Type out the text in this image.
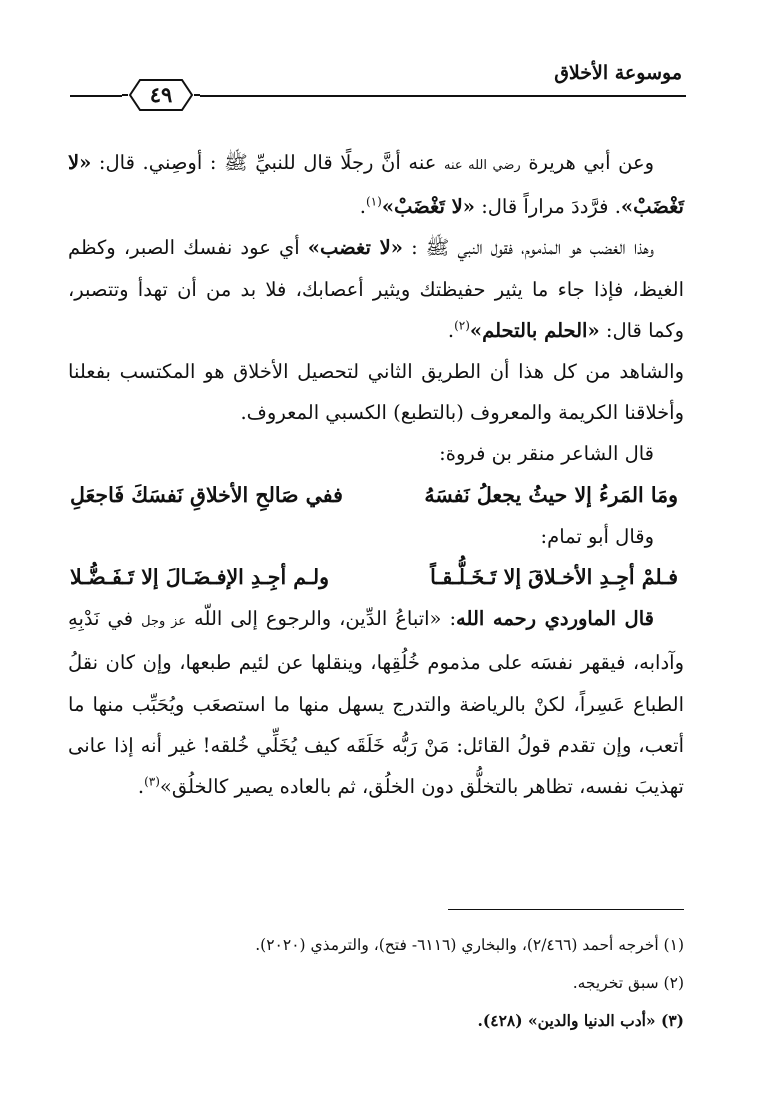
موسوعة الأخلاق
٤٩

وعن أبي هريرة رضي الله عنه عنه أنَّ رجلًا قال للنبيِّ ﷺ : أوصِني. قال: «لا تَغْضَبْ». فرَّددَ مراراً قال: «لا تَغْضَبْ»$^{(١)}$.

وهذا الغضب هو المذموم، فقول النبي ﷺ : «لا تغضب» أي عود نفسك الصبر، وكظم الغيظ، فإذا جاء ما يثير حفيظتك ويثير أعصابك، فلا بد من أن تهدأ وتتصبر، وكما قال: «الحلم بالتحلم»$^{(٢)}$.

والشاهد من كل هذا أن الطريق الثاني لتحصيل الأخلاق هو المكتسب بفعلنا وأخلاقنا الكريمة والمعروف (بالتطبع) الكسبي المعروف.

قال الشاعر منقر بن فروة:

ومَا المَرءُ إلا حيثُ يجعلُ نَفسَهُ
ففي صَالحِ الأخلاقِ نَفسَكَ فَاجعَلِ

وقال أبو تمام:

فـلمْ أجِـدِ الأخـلاقَ إلا تَـخَـلُّـقـاً
ولـم أجِـدِ الإفـضَـالَ إلا تَـفَـضُّـلا

قال الماوردي رحمه الله: «اتباعُ الدِّين، والرجوع إلى اللّه عز وجل في نَدْبِهِ وآدابه، فيقهر نفسَه على مذموم خُلُقِها، وينقلها عن لئيم طبعها، وإن كان نقلُ الطباع عَسِراً، لكنْ بالرياضة والتدرج يسهل منها ما استصعَب ويُحَبِّب منها ما أتعب، وإن تقدم قولُ القائل: مَنْ رَبُّه خَلَقَه كيف يُخَلِّي خُلقه! غير أنه إذا عانى تهذيبَ نفسه، تظاهر بالتخلُّق دون الخلُق، ثم بالعاده يصير كالخلُق»$^{(٣)}$.

(١) أخرجه أحمد (٢/٤٦٦)، والبخاري (٦١١٦- فتح)، والترمذي (٢٠٢٠).

(٢) سبق تخريجه.

(٣) «أدب الدنيا والدين» (٤٢٨).
